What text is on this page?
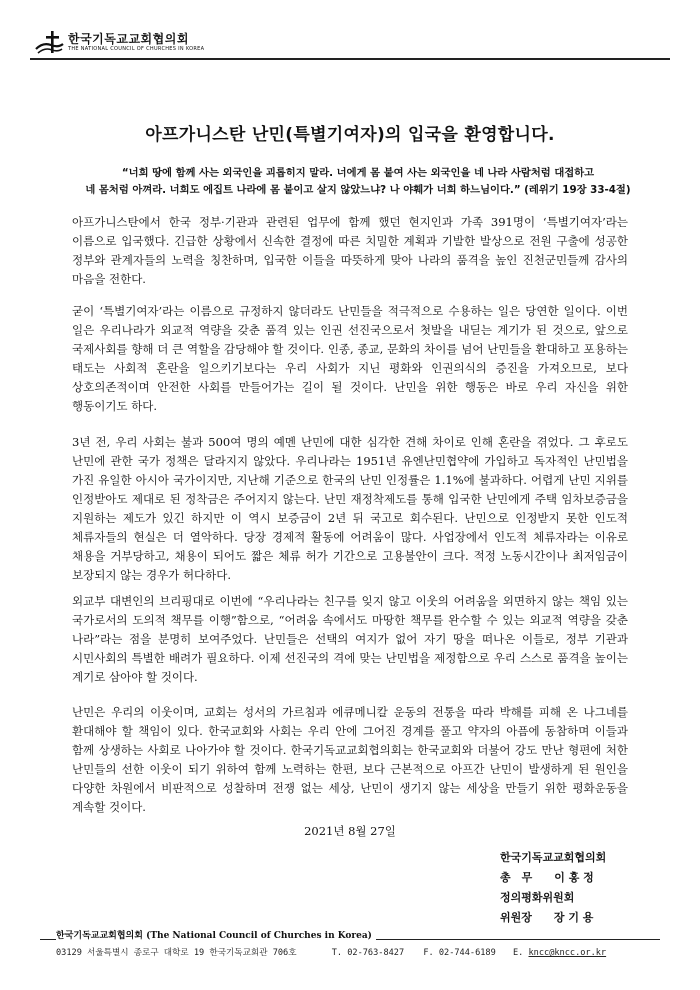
한국기독교교회협의회
THE NATIONAL COUNCIL OF CHURCHES IN KOREA
아프가니스탄 난민(특별기여자)의 입국을 환영합니다.

“너희 땅에 함께 사는 외국인을 괴롭히지 말라. 너에게 몸 붙여 사는 외국인을 네 나라 사람처럼 대접하고

네 몸처럼 아껴라. 너희도 에집트 나라에 몸 붙이고 살지 않았느냐? 나 야훼가 너희 하느님이다.” (레위기 19장 33-4절)

아프가니스탄에서 한국 정부·기관과 관련된 업무에 함께 했던 현지인과 가족 391명이 ‘특별기여자’라는 이름으로 입국했다. 긴급한 상황에서 신속한 결정에 따른 치밀한 계획과 기발한 발상으로 전원 구출에 성공한 정부와 관계자들의 노력을 칭찬하며, 입국한 이들을 따뜻하게 맞아 나라의 품격을 높인 진천군민들께 감사의 마음을 전한다.

굳이 ‘특별기여자’라는 이름으로 규정하지 않더라도 난민들을 적극적으로 수용하는 일은 당연한 일이다. 이번 일은 우리나라가 외교적 역량을 갖춘 품격 있는 인권 선진국으로서 첫발을 내딛는 계기가 된 것으로, 앞으로 국제사회를 향해 더 큰 역할을 감당해야 할 것이다. 인종, 종교, 문화의 차이를 넘어 난민들을 환대하고 포용하는 태도는 사회적 혼란을 일으키기보다는 우리 사회가 지닌 평화와 인권의식의 증진을 가져오므로, 보다 상호의존적이며 안전한 사회를 만들어가는 길이 될 것이다. 난민을 위한 행동은 바로 우리 자신을 위한 행동이기도 하다.

3년 전, 우리 사회는 불과 500여 명의 예멘 난민에 대한 심각한 견해 차이로 인해 혼란을 겪었다. 그 후로도 난민에 관한 국가 정책은 달라지지 않았다. 우리나라는 1951년 유엔난민협약에 가입하고 독자적인 난민법을 가진 유일한 아시아 국가이지만, 지난해 기준으로 한국의 난민 인정률은 1.1%에 불과하다. 어렵게 난민 지위를 인정받아도 제대로 된 정착금은 주어지지 않는다. 난민 재정착제도를 통해 입국한 난민에게 주택 임차보증금을 지원하는 제도가 있긴 하지만 이 역시 보증금이 2년 뒤 국고로 회수된다. 난민으로 인정받지 못한 인도적 체류자들의 현실은 더 열악하다. 당장 경제적 활동에 어려움이 많다. 사업장에서 인도적 체류자라는 이유로 채용을 거부당하고, 채용이 되어도 짧은 체류 허가 기간으로 고용불안이 크다. 적정 노동시간이나 최저임금이 보장되지 않는 경우가 허다하다.

외교부 대변인의 브리핑대로 이번에 “우리나라는 친구를 잊지 않고 이웃의 어려움을 외면하지 않는 책임 있는 국가로서의 도의적 책무를 이행”함으로, “어려움 속에서도 마땅한 책무를 완수할 수 있는 외교적 역량을 갖춘 나라”라는 점을 분명히 보여주었다. 난민들은 선택의 여지가 없어 자기 땅을 떠나온 이들로, 정부 기관과 시민사회의 특별한 배려가 필요하다. 이제 선진국의 격에 맞는 난민법을 제정함으로 우리 스스로 품격을 높이는 계기로 삼아야 할 것이다.

난민은 우리의 이웃이며, 교회는 성서의 가르침과 에큐메니칼 운동의 전통을 따라 박해를 피해 온 나그네를 환대해야 할 책임이 있다. 한국교회와 사회는 우리 안에 그어진 경계를 풀고 약자의 아픔에 동참하며 이들과 함께 상생하는 사회로 나아가야 할 것이다. 한국기독교교회협의회는 한국교회와 더불어 강도 만난 형편에 처한 난민들의 선한 이웃이 되기 위하여 함께 노력하는 한편, 보다 근본적으로 아프간 난민이 발생하게 된 원인을 다양한 차원에서 비판적으로 성찰하며 전쟁 없는 세상, 난민이 생기지 않는 세상을 만들기 위한 평화운동을 계속할 것이다.

2021년 8월 27일
한국기독교교회협의회
총　무　　이 홍 정
정의평화위원회
위원장　　장 기 용
한국기독교교회협의회 (The National Council of Churches in Korea)
03129 서울특별시 종로구 대학로 19 한국기독교회관 706호	T. 02-763-8427 F. 02-744-6189 E. kncc@kncc.or.kr
